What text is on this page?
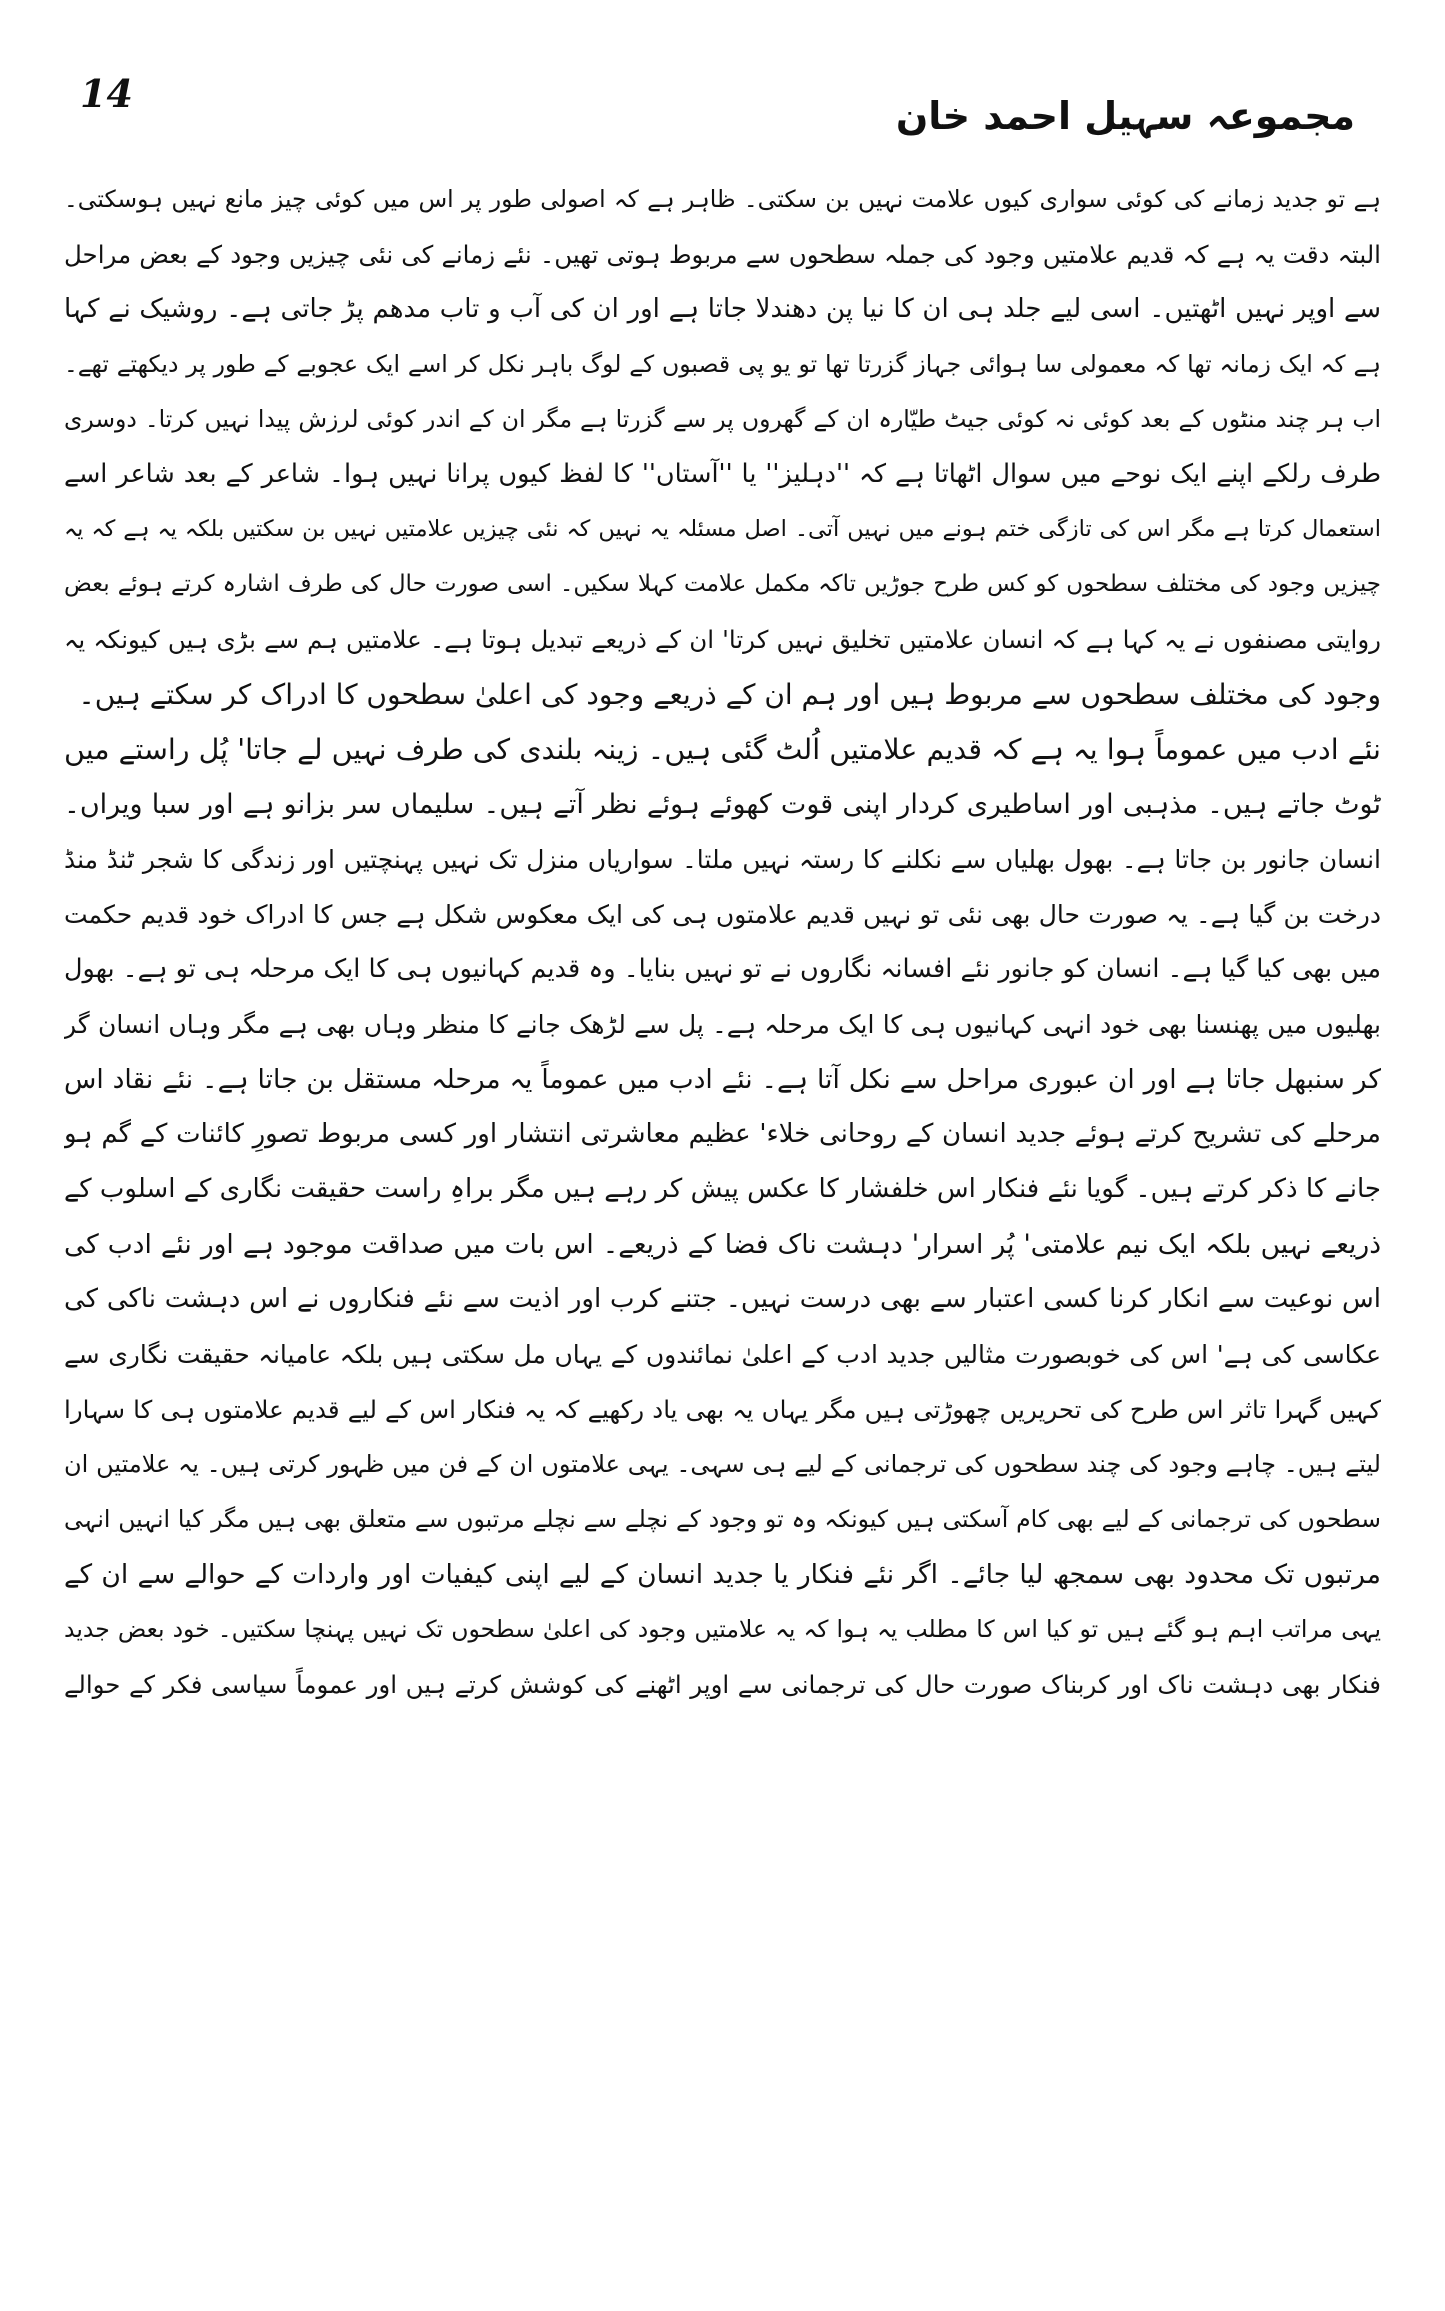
14	مجموعہ سہیل احمد خان
ہے تو جدید زمانے کی کوئی سواری کیوں علامت نہیں بن سکتی۔ ظاہر ہے کہ اصولی طور پر اس میں کوئی چیز مانع نہیں ہوسکتی۔
البتہ دقت یہ ہے کہ قدیم علامتیں وجود کی جملہ سطحوں سے مربوط ہوتی تھیں۔ نئے زمانے کی نئی چیزیں وجود کے بعض مراحل
سے اوپر نہیں اٹھتیں۔ اسی لیے جلد ہی ان کا نیا پن دھندلا جاتا ہے اور ان کی آب و تاب مدھم پڑ جاتی ہے۔ روشیک نے کہا
ہے کہ ایک زمانہ تھا کہ معمولی سا ہوائی جہاز گزرتا تھا تو یو پی قصبوں کے لوگ باہر نکل کر اسے ایک عجوبے کے طور پر دیکھتے تھے۔
اب ہر چند منٹوں کے بعد کوئی نہ کوئی جیٹ طیّارہ ان کے گھروں پر سے گزرتا ہے مگر ان کے اندر کوئی لرزش پیدا نہیں کرتا۔ دوسری
طرف رلکے اپنے ایک نوحے میں سوال اٹھاتا ہے کہ ''دہلیز'' یا ''آستاں'' کا لفظ کیوں پرانا نہیں ہوا۔ شاعر کے بعد شاعر اسے
استعمال کرتا ہے مگر اس کی تازگی ختم ہونے میں نہیں آتی۔ اصل مسئلہ یہ نہیں کہ نئی چیزیں علامتیں نہیں بن سکتیں بلکہ یہ ہے کہ یہ
چیزیں وجود کی مختلف سطحوں کو کس طرح جوڑیں تاکہ مکمل علامت کہلا سکیں۔ اسی صورت حال کی طرف اشارہ کرتے ہوئے بعض
روایتی مصنفوں نے یہ کہا ہے کہ انسان علامتیں تخلیق نہیں کرتا' ان کے ذریعے تبدیل ہوتا ہے۔ علامتیں ہم سے بڑی ہیں کیونکہ یہ
وجود کی مختلف سطحوں سے مربوط ہیں اور ہم ان کے ذریعے وجود کی اعلیٰ سطحوں کا ادراک کر سکتے ہیں۔
نئے ادب میں عموماً ہوا یہ ہے کہ قدیم علامتیں اُلٹ گئی ہیں۔ زینہ بلندی کی طرف نہیں لے جاتا' پُل راستے میں
ٹوٹ جاتے ہیں۔ مذہبی اور اساطیری کردار اپنی قوت کھوئے ہوئے نظر آتے ہیں۔ سلیماں سر بزانو ہے اور سبا ویراں۔
انسان جانور بن جاتا ہے۔ بھول بھلیاں سے نکلنے کا رستہ نہیں ملتا۔ سواریاں منزل تک نہیں پہنچتیں اور زندگی کا شجر ٹنڈ منڈ
درخت بن گیا ہے۔ یہ صورت حال بھی نئی تو نہیں قدیم علامتوں ہی کی ایک معکوس شکل ہے جس کا ادراک خود قدیم حکمت
میں بھی کیا گیا ہے۔ انسان کو جانور نئے افسانہ نگاروں نے تو نہیں بنایا۔ وہ قدیم کہانیوں ہی کا ایک مرحلہ ہی تو ہے۔ بھول
بھلیوں میں پھنسنا بھی خود انہی کہانیوں ہی کا ایک مرحلہ ہے۔ پل سے لڑھک جانے کا منظر وہاں بھی ہے مگر وہاں انسان گر
کر سنبھل جاتا ہے اور ان عبوری مراحل سے نکل آتا ہے۔ نئے ادب میں عموماً یہ مرحلہ مستقل بن جاتا ہے۔ نئے نقاد اس
مرحلے کی تشریح کرتے ہوئے جدید انسان کے روحانی خلاء' عظیم معاشرتی انتشار اور کسی مربوط تصورِ کائنات کے گم ہو
جانے کا ذکر کرتے ہیں۔ گویا نئے فنکار اس خلفشار کا عکس پیش کر رہے ہیں مگر براہِ راست حقیقت نگاری کے اسلوب کے
ذریعے نہیں بلکہ ایک نیم علامتی' پُر اسرار' دہشت ناک فضا کے ذریعے۔ اس بات میں صداقت موجود ہے اور نئے ادب کی
اس نوعیت سے انکار کرنا کسی اعتبار سے بھی درست نہیں۔ جتنے کرب اور اذیت سے نئے فنکاروں نے اس دہشت ناکی کی
عکاسی کی ہے' اس کی خوبصورت مثالیں جدید ادب کے اعلیٰ نمائندوں کے یہاں مل سکتی ہیں بلکہ عامیانہ حقیقت نگاری سے
کہیں گہرا تاثر اس طرح کی تحریریں چھوڑتی ہیں مگر یہاں یہ بھی یاد رکھیے کہ یہ فنکار اس کے لیے قدیم علامتوں ہی کا سہارا
لیتے ہیں۔ چاہے وجود کی چند سطحوں کی ترجمانی کے لیے ہی سہی۔ یہی علامتوں ان کے فن میں ظہور کرتی ہیں۔ یہ علامتیں ان
سطحوں کی ترجمانی کے لیے بھی کام آسکتی ہیں کیونکہ وہ تو وجود کے نچلے سے نچلے مرتبوں سے متعلق بھی ہیں مگر کیا انہیں انہی
مرتبوں تک محدود بھی سمجھ لیا جائے۔ اگر نئے فنکار یا جدید انسان کے لیے اپنی کیفیات اور واردات کے حوالے سے ان کے
یہی مراتب اہم ہو گئے ہیں تو کیا اس کا مطلب یہ ہوا کہ یہ علامتیں وجود کی اعلیٰ سطحوں تک نہیں پہنچا سکتیں۔ خود بعض جدید
فنکار بھی دہشت ناک اور کربناک صورت حال کی ترجمانی سے اوپر اٹھنے کی کوشش کرتے ہیں اور عموماً سیاسی فکر کے حوالے
